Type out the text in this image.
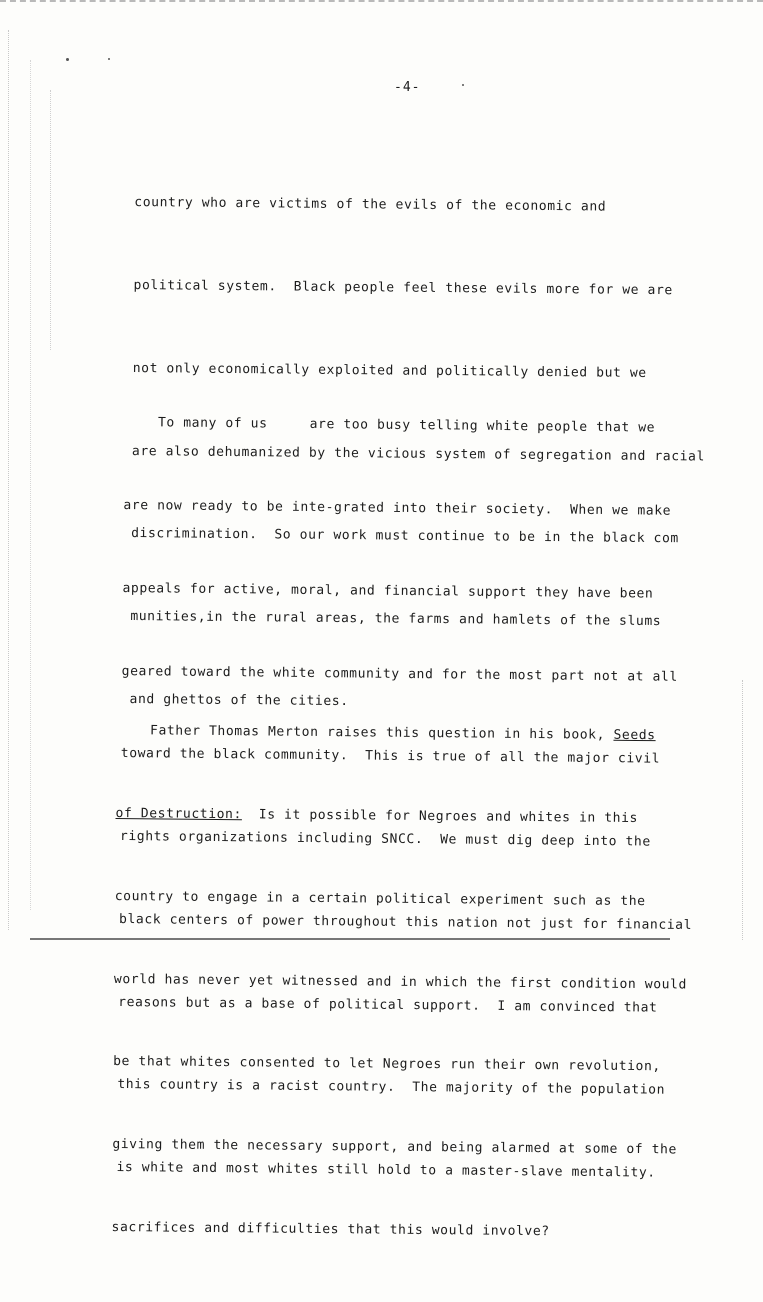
-4-

country who are victims of the evils of the economic and

political system.  Black people feel these evils more for we are

not only economically exploited and politically denied but we

are also dehumanized by the vicious system of segregation and racial

discrimination.  So our work must continue to be in the black com

munities,in the rural areas, the farms and hamlets of the slums

and ghettos of the cities.

To many of us     are too busy telling white people that we

are now ready to be inte-grated into their society.  When we make

appeals for active, moral, and financial support they have been

geared toward the white community and for the most part not at all

toward the black community.  This is true of all the major civil

rights organizations including SNCC.  We must dig deep into the

black centers of power throughout this nation not just for financial

reasons but as a base of political support.  I am convinced that

this country is a racist country.  The majority of the population

is white and most whites still hold to a master-slave mentality.

Father Thomas Merton raises this question in his book, Seeds

of Destruction:  Is it possible for Negroes and whites in this

country to engage in a certain political experiment such as the

world has never yet witnessed and in which the first condition would

be that whites consented to let Negroes run their own revolution,

giving them the necessary support, and being alarmed at some of the

sacrifices and difficulties that this would involve?
